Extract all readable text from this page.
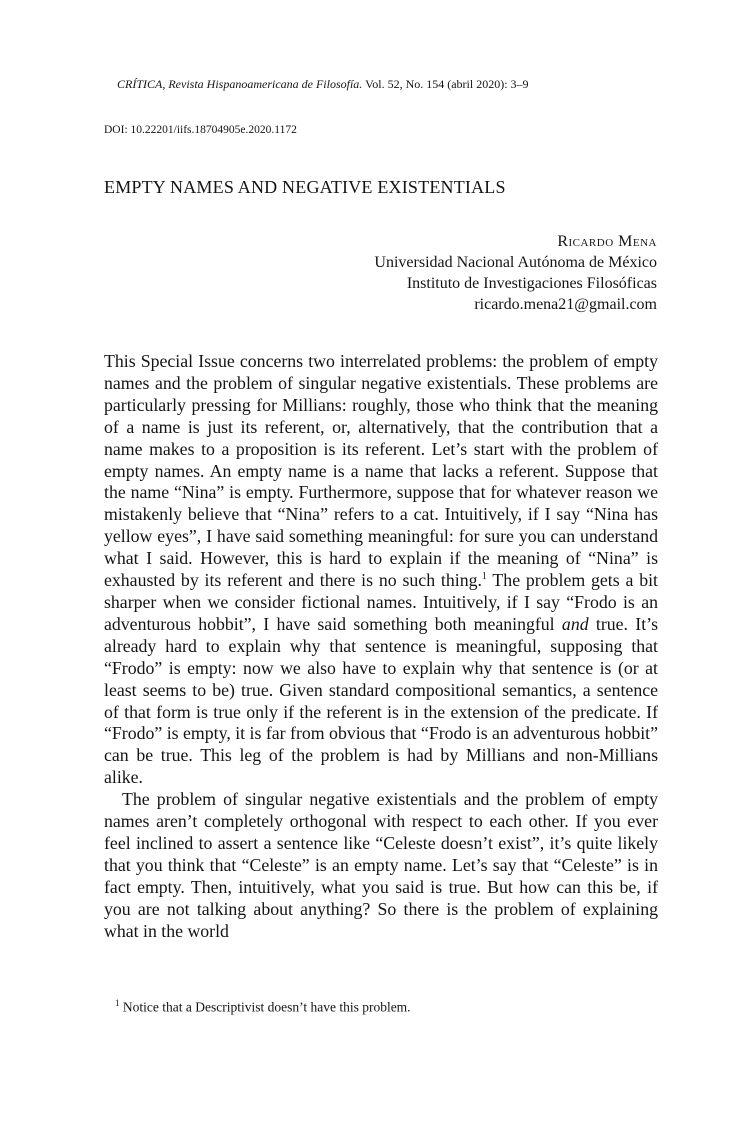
CRÍTICA, Revista Hispanoamericana de Filosofía. Vol. 52, No. 154 (abril 2020): 3–9
DOI: 10.22201/iifs.18704905e.2020.1172
EMPTY NAMES AND NEGATIVE EXISTENTIALS
Ricardo Mena
Universidad Nacional Autónoma de México
Instituto de Investigaciones Filosóficas
ricardo.mena21@gmail.com

This Special Issue concerns two interrelated problems: the problem of empty names and the problem of singular negative existentials. These problems are particularly pressing for Millians: roughly, those who think that the meaning of a name is just its referent, or, alternatively, that the contribution that a name makes to a proposition is its referent. Let’s start with the problem of empty names. An empty name is a name that lacks a referent. Suppose that the name “Nina” is empty. Furthermore, suppose that for whatever reason we mistakenly believe that “Nina” refers to a cat. Intuitively, if I say “Nina has yellow eyes”, I have said something meaningful: for sure you can understand what I said. However, this is hard to explain if the meaning of “Nina” is exhausted by its referent and there is no such thing.$^1$ The problem gets a bit sharper when we consider fictional names. Intuitively, if I say “Frodo is an adventurous hobbit”, I have said something both meaningful and true. It’s already hard to explain why that sentence is meaningful, supposing that “Frodo” is empty: now we also have to explain why that sentence is (or at least seems to be) true. Given standard compositional semantics, a sentence of that form is true only if the referent is in the extension of the predicate. If “Frodo” is empty, it is far from obvious that “Frodo is an adventurous hobbit” can be true. This leg of the problem is had by Millians and non-Millians alike.

The problem of singular negative existentials and the problem of empty names aren’t completely orthogonal with respect to each other. If you ever feel inclined to assert a sentence like “Celeste doesn’t exist”, it’s quite likely that you think that “Celeste” is an empty name. Let’s say that “Celeste” is in fact empty. Then, intuitively, what you said is true. But how can this be, if you are not talking about anything? So there is the problem of explaining what in the world

$^1$ Notice that a Descriptivist doesn’t have this problem.
